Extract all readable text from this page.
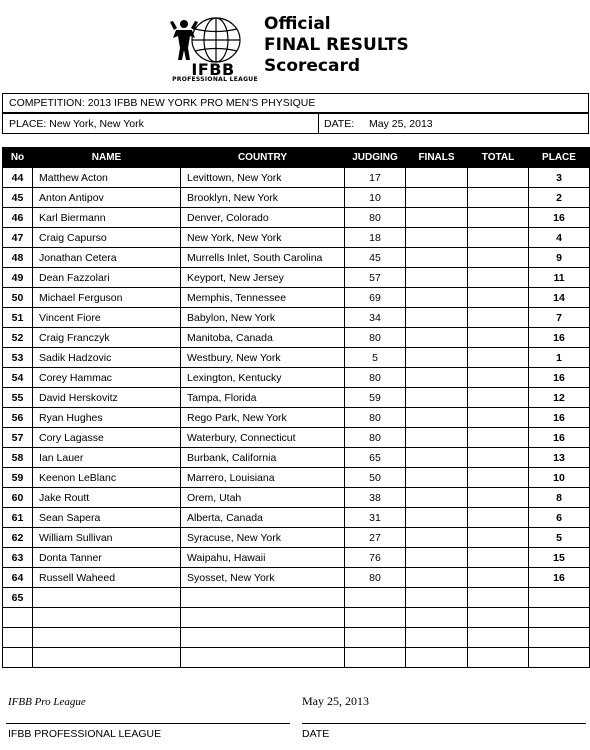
IFBB
PROFESSIONAL LEAGUE
Official
FINAL RESULTS
Scorecard
COMPETITION: 2013 IFBB NEW YORK PRO MEN'S PHYSIQUE
PLACE: New York, New York	DATE: May 25, 2013
No	NAME	COUNTRY	JUDGING	FINALS	TOTAL	PLACE
44	Matthew Acton	Levittown, New York	17			3
45	Anton Antipov	Brooklyn, New York	10			2
46	Karl Biermann	Denver, Colorado	80			16
47	Craig Capurso	New York, New York	18			4
48	Jonathan Cetera	Murrells Inlet, South Carolina	45			9
49	Dean Fazzolari	Keyport, New Jersey	57			11
50	Michael Ferguson	Memphis, Tennessee	69			14
51	Vincent Fiore	Babylon, New York	34			7
52	Craig Franczyk	Manitoba, Canada	80			16
53	Sadik Hadzovic	Westbury, New York	5			1
54	Corey Hammac	Lexington, Kentucky	80			16
55	David Herskovitz	Tampa, Florida	59			12
56	Ryan Hughes	Rego Park, New York	80			16
57	Cory Lagasse	Waterbury, Connecticut	80			16
58	Ian Lauer	Burbank, California	65			13
59	Keenon LeBlanc	Marrero, Louisiana	50			10
60	Jake Routt	Orem, Utah	38			8
61	Sean Sapera	Alberta, Canada	31			6
62	William Sullivan	Syracuse, New York	27			5
63	Donta Tanner	Waipahu, Hawaii	76			15
64	Russell Waheed	Syosset, New York	80			16
65						

IFBB Pro League	May 25, 2013
IFBB PROFESSIONAL LEAGUE	DATE
